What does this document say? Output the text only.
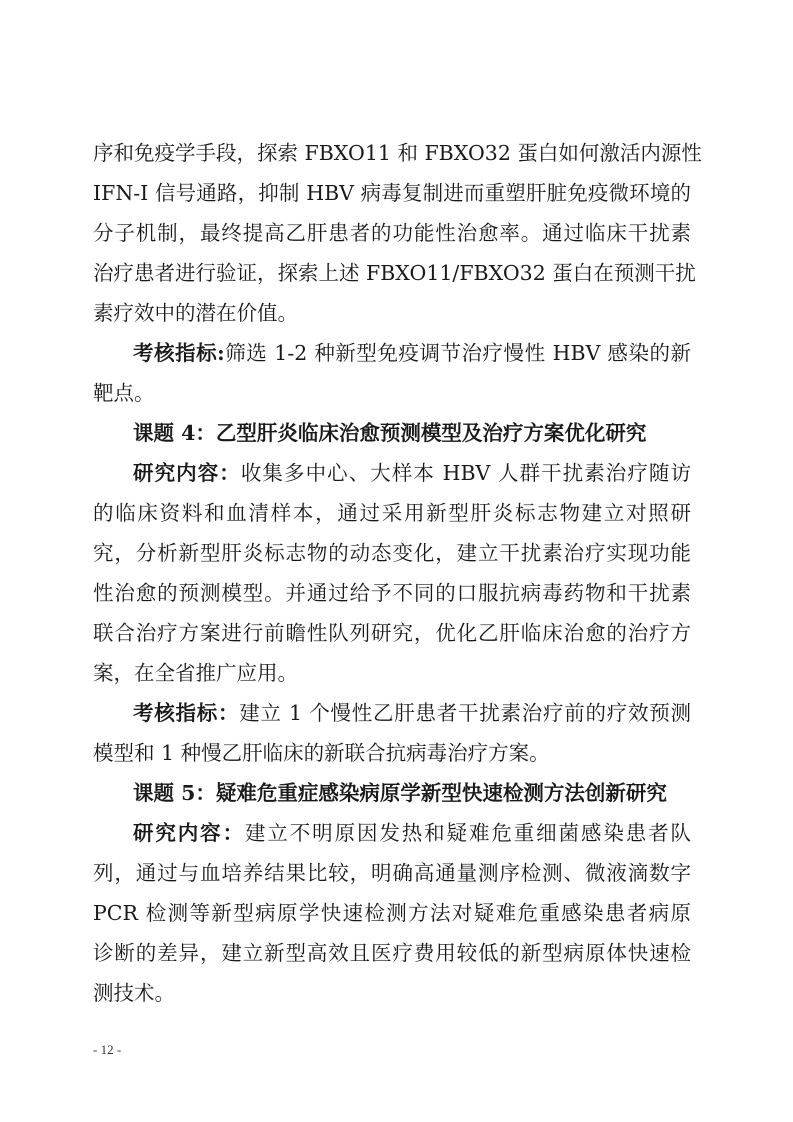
序和免疫学手段，探索 FBXO11 和 FBXO32 蛋白如何激活内源性
IFN-I 信号通路，抑制 HBV 病毒复制进而重塑肝脏免疫微环境的
分子机制，最终提高乙肝患者的功能性治愈率。通过临床干扰素
治疗患者进行验证，探索上述 FBXO11/FBXO32 蛋白在预测干扰
素疗效中的潜在价值。
考核指标:筛选 1-2 种新型免疫调节治疗慢性 HBV 感染的新
靶点。
课题 4：乙型肝炎临床治愈预测模型及治疗方案优化研究
研究内容：收集多中心、大样本 HBV 人群干扰素治疗随访
的临床资料和血清样本，通过采用新型肝炎标志物建立对照研
究，分析新型肝炎标志物的动态变化，建立干扰素治疗实现功能
性治愈的预测模型。并通过给予不同的口服抗病毒药物和干扰素
联合治疗方案进行前瞻性队列研究，优化乙肝临床治愈的治疗方
案，在全省推广应用。
考核指标：建立 1 个慢性乙肝患者干扰素治疗前的疗效预测
模型和 1 种慢乙肝临床的新联合抗病毒治疗方案。
课题 5：疑难危重症感染病原学新型快速检测方法创新研究
研究内容：建立不明原因发热和疑难危重细菌感染患者队
列，通过与血培养结果比较，明确高通量测序检测、微液滴数字
PCR 检测等新型病原学快速检测方法对疑难危重感染患者病原
诊断的差异，建立新型高效且医疗费用较低的新型病原体快速检
测技术。
- 12 -
